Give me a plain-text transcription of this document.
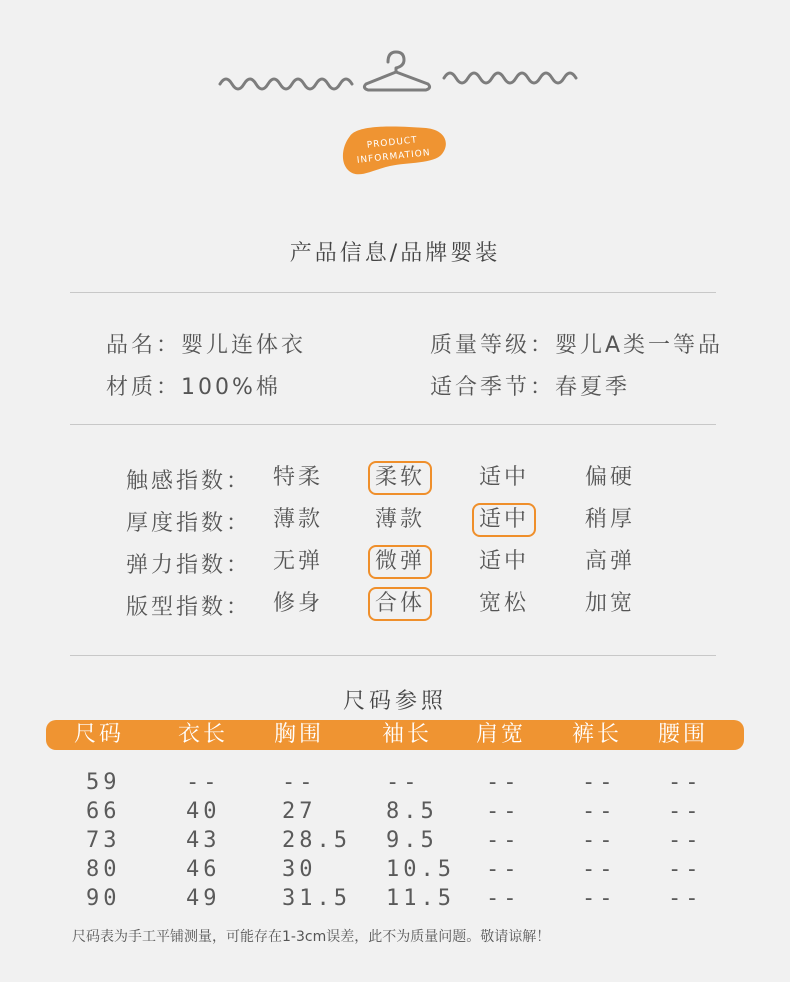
PRODUCT
INFORMATION
产品信息/品牌婴装
品名：婴儿连体衣	质量等级：婴儿A类一等品
材质：100%棉	适合季节：春夏季
触感指数： 特柔	柔软	适中	偏硬
厚度指数： 薄款	薄款	适中	稍厚
弹力指数： 无弹	微弹	适中	高弹
版型指数： 修身	合体	宽松	加宽
尺码参照
尺码 衣长 胸围	袖长 肩宽 裤长 腰围
59	--	--	--	--	-- --
66	40	27	8.5 --	-- --
73	43	28.5 9.5 --	-- --
80	46	30	10.5 --	-- --
90	49	31.5 11.5 --	-- --
尺码表为手工平铺测量，可能存在1-3cm误差，此不为质量问题。敬请谅解！
